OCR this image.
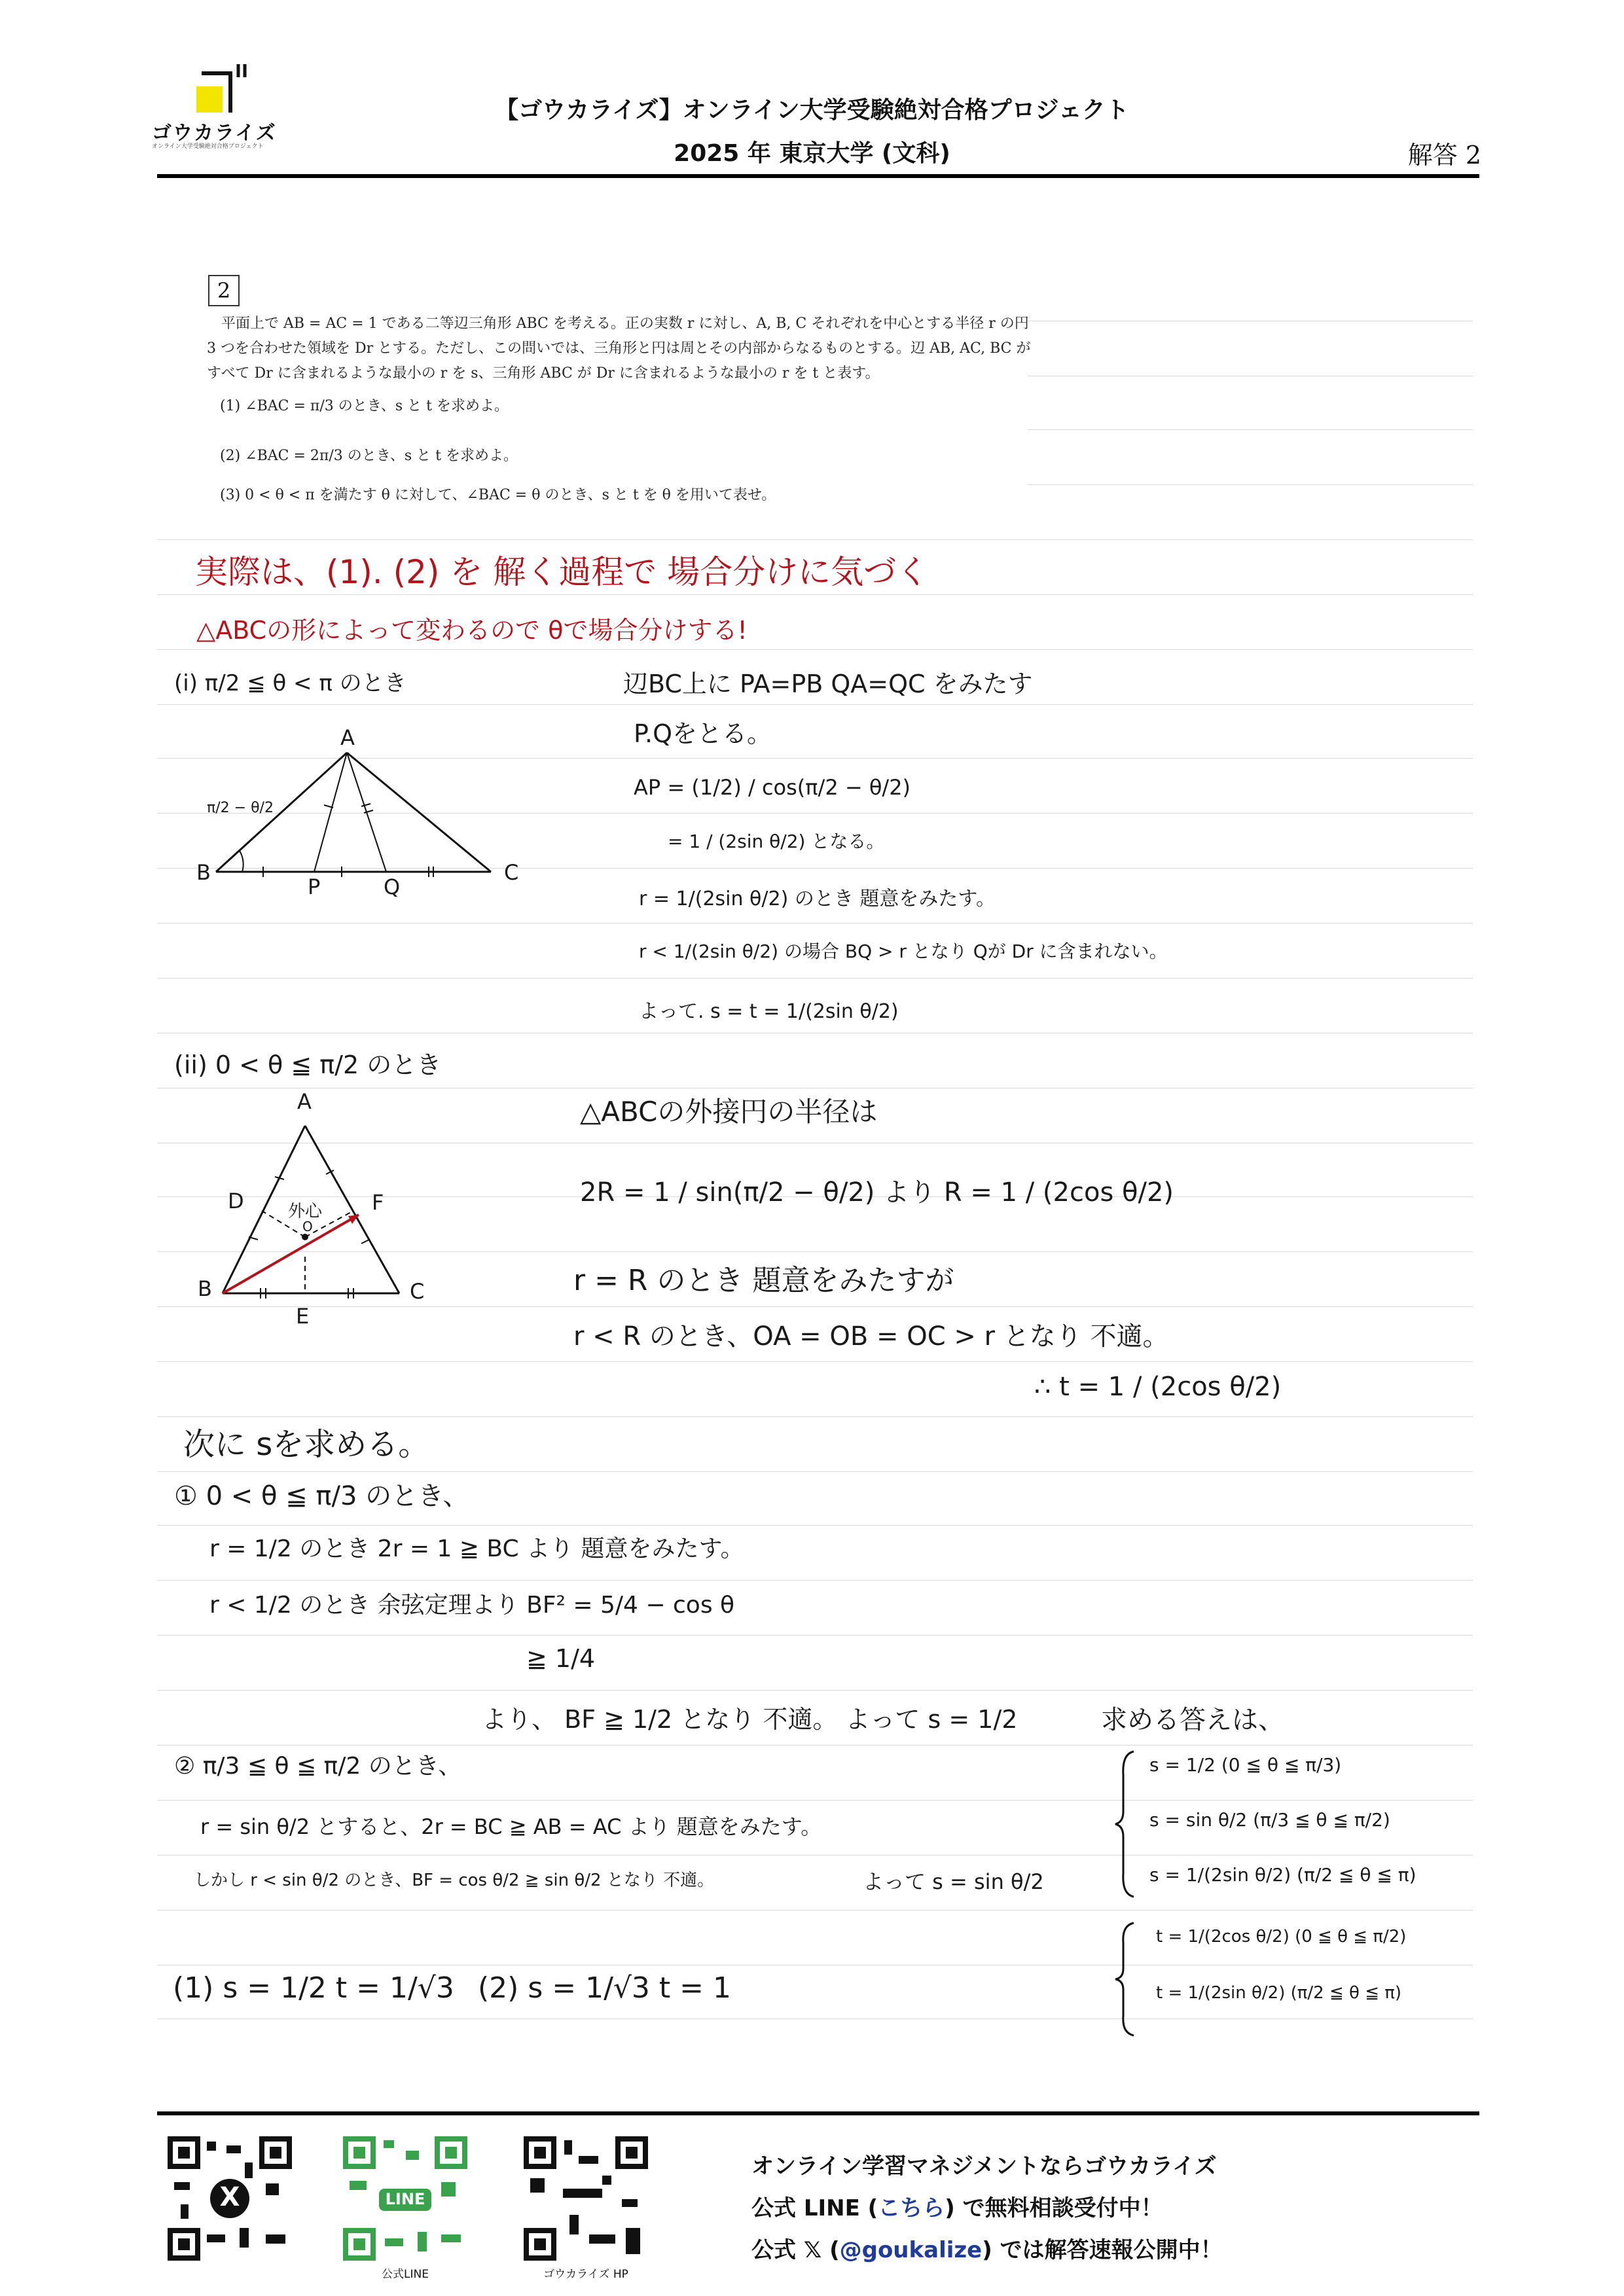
ゴウカライズ
オンライン大学受験絶対合格プロジェクト
【ゴウカライズ】オンライン大学受験絶対合格プロジェクト
2025 年 東京大学 (文科)	解答 2
2
平面上で AB = AC = 1 である二等辺三角形 ABC を考える。正の実数 r に対し、A, B, C それぞれを中心とする半径 r の円
3 つを合わせた領域を Dr とする。ただし、この問いでは、三角形と円は周とその内部からなるものとする。辺 AB, AC, BC が
すべて Dr に含まれるような最小の r を s、三角形 ABC が Dr に含まれるような最小の r を t と表す。
(1) ∠BAC = π/3 のとき、s と t を求めよ。
(2) ∠BAC = 2π/3 のとき、s と t を求めよ。
(3) 0 < θ < π を満たす θ に対して、∠BAC = θ のとき、s と t を θ を用いて表せ。
実際は、(1). (2) を 解く過程で 場合分けに気づく
△ABCの形によって変わるので θで場合分けする!
(i) π/2 ≦ θ < π のとき
A
B	C
P	Q
π/2 − θ/2
辺BC上に PA=PB QA=QC をみたす
P.Qをとる。
AP = (1/2) / cos(π/2 − θ/2)
= 1 / (2sin θ/2) となる。
r = 1/(2sin θ/2) のとき 題意をみたす。
r < 1/(2sin θ/2) の場合 BQ > r となり Qが Dr に含まれない。
よって. s = t = 1/(2sin θ/2)
(ii) 0 < θ ≦ π/2 のとき
A
B	C
D
E
F
O
外心
△ABCの外接円の半径は
2R = 1 / sin(π/2 − θ/2) より R = 1 / (2cos θ/2)
r = R のとき 題意をみたすが
r < R のとき、OA = OB = OC > r となり 不適。
∴ t = 1 / (2cos θ/2)
次に sを求める。
① 0 < θ ≦ π/3 のとき、
r = 1/2 のとき 2r = 1 ≧ BC より 題意をみたす。
r < 1/2 のとき 余弦定理より BF² = 5/4 − cos θ
≧ 1/4
より、 BF ≧ 1/2 となり 不適。 よって s = 1/2
② π/3 ≦ θ ≦ π/2 のとき、
r = sin θ/2 とすると、2r = BC ≧ AB = AC より 題意をみたす。
しかし r < sin θ/2 のとき、BF = cos θ/2 ≧ sin θ/2 となり 不適。	よって s = sin θ/2
(1) s = 1/2 t = 1/√3 (2) s = 1/√3 t = 1
求める答えは、
s = 1/2 (0 ≦ θ ≦ π/3)
s = sin θ/2 (π/3 ≦ θ ≦ π/2)
s = 1/(2sin θ/2) (π/2 ≦ θ ≦ π)
t = 1/(2cos θ/2) (0 ≦ θ ≦ π/2)
t = 1/(2sin θ/2) (π/2 ≦ θ ≦ π)
X	LINE
公式LINE	ゴウカライズ HP
オンライン学習マネジメントならゴウカライズ
公式 LINE (こちら) で無料相談受付中！
公式 𝕏 (@goukalize) では解答速報公開中！
